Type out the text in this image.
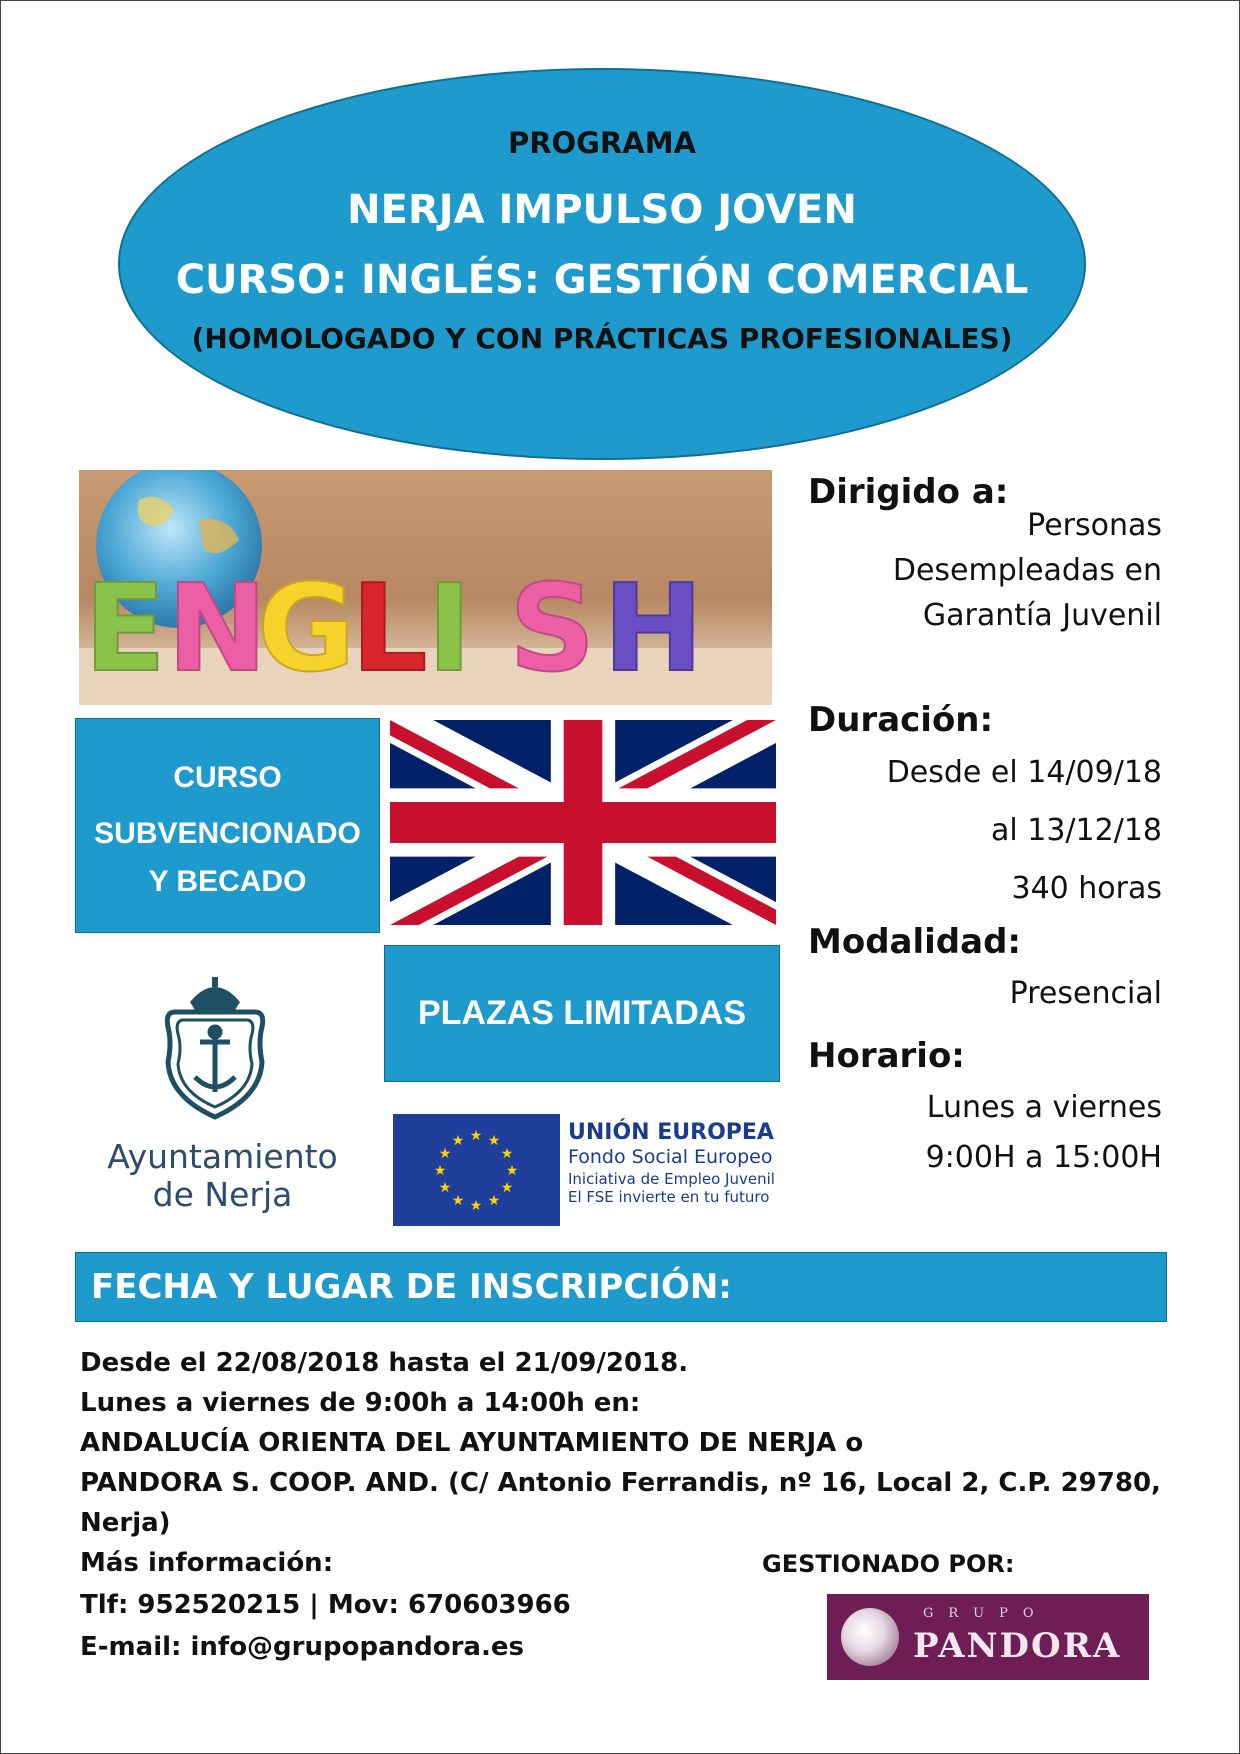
PROGRAMA
NERJA IMPULSO JOVEN
CURSO: INGLÉS: GESTIÓN COMERCIAL
(HOMOLOGADO Y CON PRÁCTICAS PROFESIONALES)
E N
G
L I S H
CURSO
SUBVENCIONADO
Y BECADO
PLAZAS LIMITADAS
Dirigido a:
Personas
Desempleadas en
Garantía Juvenil
Duración:
Desde el 14/09/18
al 13/12/18
340 horas
Modalidad:
Presencial
Horario:
Lunes a viernes
9:00H a 15:00H
Ayuntamiento
de Nerja
★ ★
★
★
★
★
★
★
★
★
★
★	UNIÓN EUROPEA
Fondo Social Europeo
Iniciativa de Empleo Juvenil
El FSE invierte en tu futuro
FECHA Y LUGAR DE INSCRIPCIÓN:
Desde el 22/08/2018 hasta el 21/09/2018.
Lunes a viernes de 9:00h a 14:00h en:
ANDALUCÍA ORIENTA DEL AYUNTAMIENTO DE NERJA o
PANDORA S. COOP. AND. (C/ Antonio Ferrandis, nº 16, Local 2, C.P. 29780,
Nerja)
Más información:
Tlf: 952520215 | Mov: 670603966
E-mail: info@grupopandora.es
GESTIONADO POR:
GRUPO
PANDORA
